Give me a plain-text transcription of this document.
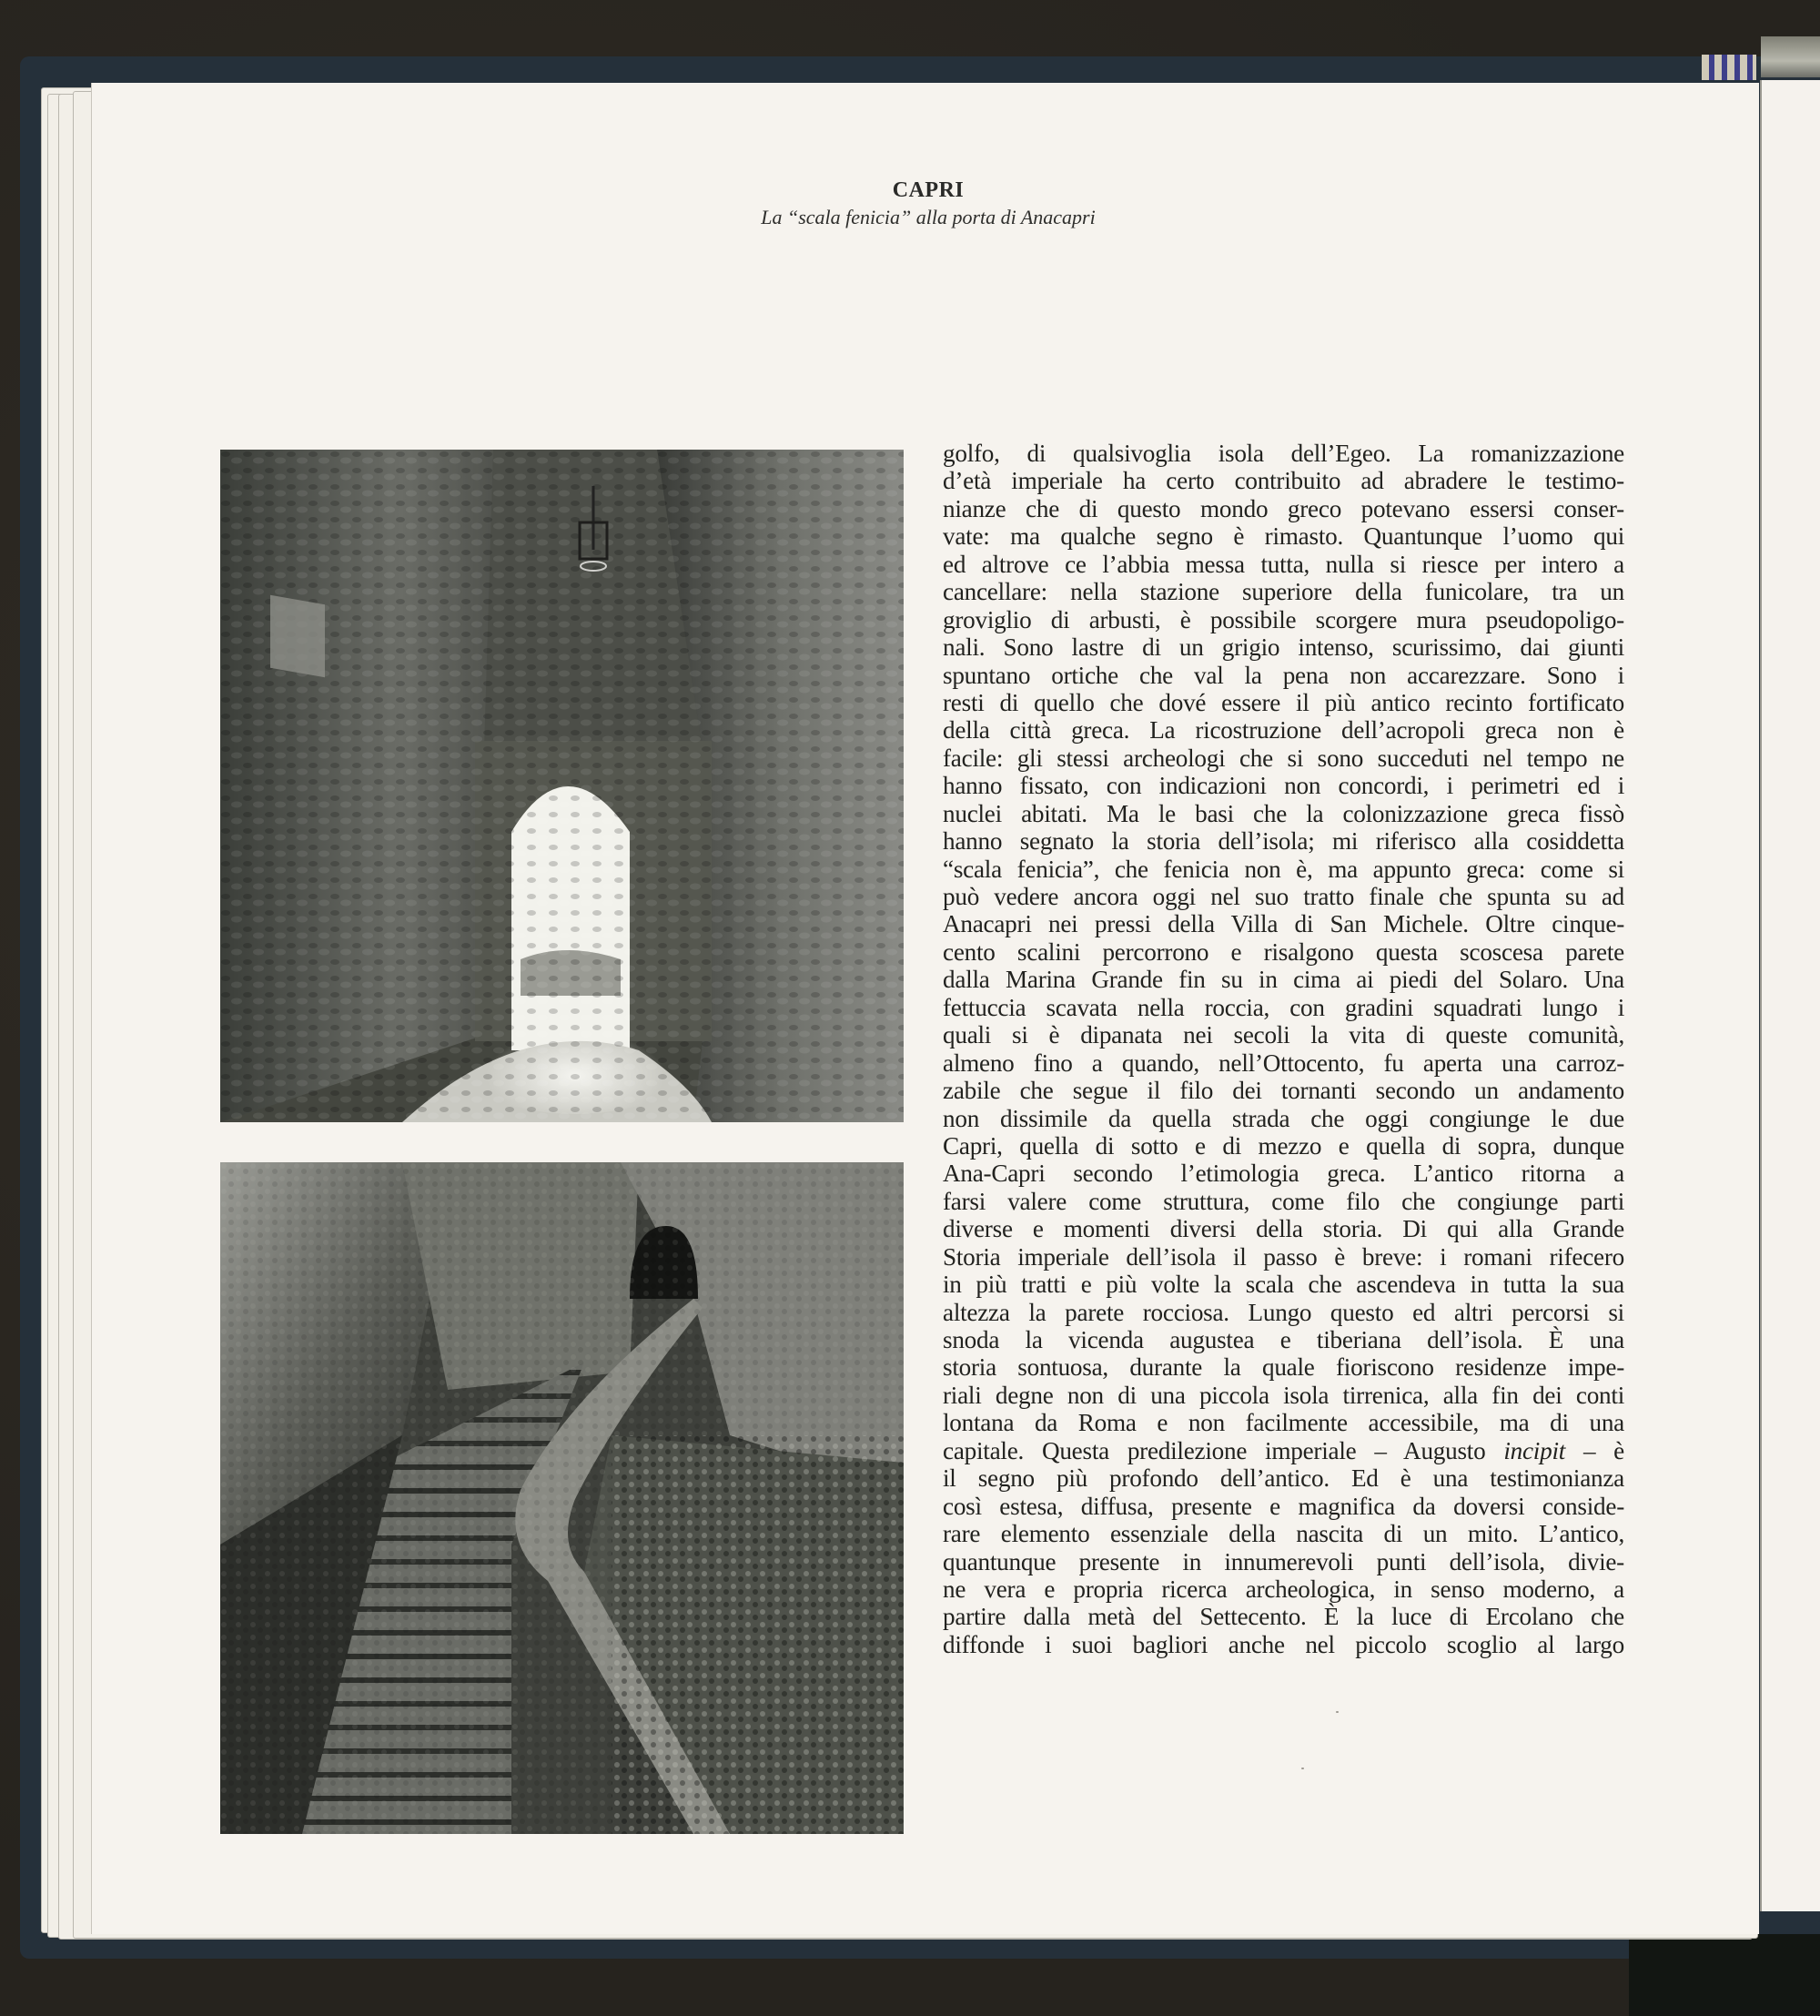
CAPRI
La “scala fenicia” alla porta di Anacapri
golfo, di qualsivoglia isola dell’Egeo. La romanizzazione
d’età imperiale ha certo contribuito ad abradere le testimo-
nianze che di questo mondo greco potevano essersi conser-
vate: ma qualche segno è rimasto. Quantunque l’uomo qui
ed altrove ce l’abbia messa tutta, nulla si riesce per intero a
cancellare: nella stazione superiore della funicolare, tra un
groviglio di arbusti, è possibile scorgere mura pseudopoligo-
nali. Sono lastre di un grigio intenso, scurissimo, dai giunti
spuntano ortiche che val la pena non accarezzare. Sono i
resti di quello che dové essere il più antico recinto fortificato
della città greca. La ricostruzione dell’acropoli greca non è
facile: gli stessi archeologi che si sono succeduti nel tempo ne
hanno fissato, con indicazioni non concordi, i perimetri ed i
nuclei abitati. Ma le basi che la colonizzazione greca fissò
hanno segnato la storia dell’isola; mi riferisco alla cosiddetta
“scala fenicia”, che fenicia non è, ma appunto greca: come si
può vedere ancora oggi nel suo tratto finale che spunta su ad
Anacapri nei pressi della Villa di San Michele. Oltre cinque-
cento scalini percorrono e risalgono questa scoscesa parete
dalla Marina Grande fin su in cima ai piedi del Solaro. Una
fettuccia scavata nella roccia, con gradini squadrati lungo i
quali si è dipanata nei secoli la vita di queste comunità,
almeno fino a quando, nell’Ottocento, fu aperta una carroz-
zabile che segue il filo dei tornanti secondo un andamento
non dissimile da quella strada che oggi congiunge le due
Capri, quella di sotto e di mezzo e quella di sopra, dunque
Ana-Capri secondo l’etimologia greca. L’antico ritorna a
farsi valere come struttura, come filo che congiunge parti
diverse e momenti diversi della storia. Di qui alla Grande
Storia imperiale dell’isola il passo è breve: i romani rifecero
in più tratti e più volte la scala che ascendeva in tutta la sua
altezza la parete rocciosa. Lungo questo ed altri percorsi si
snoda la vicenda augustea e tiberiana dell’isola. È una
storia sontuosa, durante la quale fioriscono residenze impe-
riali degne non di una piccola isola tirrenica, alla fin dei conti
lontana da Roma e non facilmente accessibile, ma di una
capitale. Questa predilezione imperiale – Augusto incipit – è
il segno più profondo dell’antico. Ed è una testimonianza
così estesa, diffusa, presente e magnifica da doversi conside-
rare elemento essenziale della nascita di un mito. L’antico,
quantunque presente in innumerevoli punti dell’isola, divie-
ne vera e propria ricerca archeologica, in senso moderno, a
partire dalla metà del Settecento. È la luce di Ercolano che
diffonde i suoi bagliori anche nel piccolo scoglio al largo
